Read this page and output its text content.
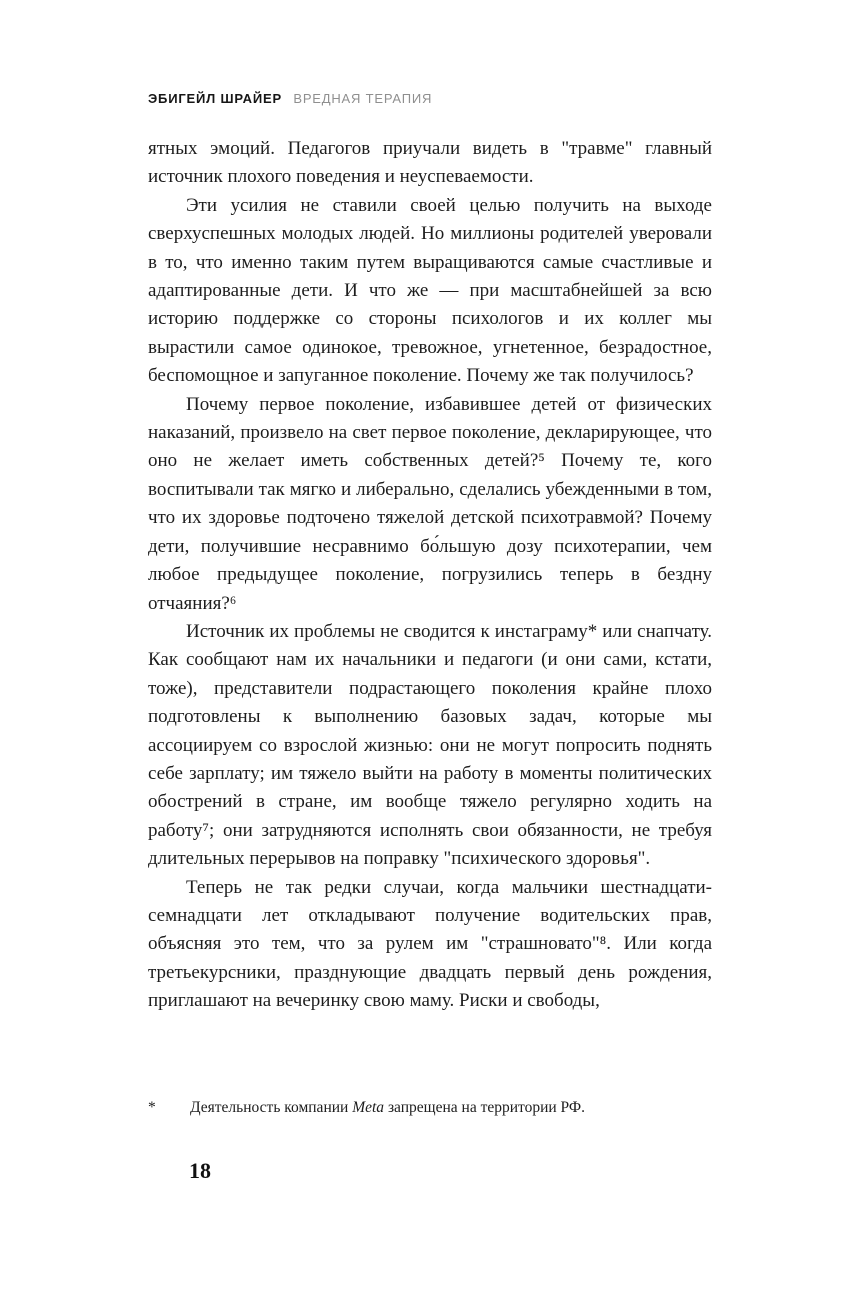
ЭБИГЕЙЛ ШРАЙЕР ВРЕДНАЯ ТЕРАПИЯ

ятных эмоций. Педагогов приучали видеть в "травме" главный источник плохого поведения и неуспеваемости.

Эти усилия не ставили своей целью получить на выходе сверхуспешных молодых людей. Но миллионы родителей уверовали в то, что именно таким путем выращиваются самые счастливые и адаптированные дети. И что же — при масштабнейшей за всю историю поддержке со стороны психологов и их коллег мы вырастили самое одинокое, тревожное, угнетенное, безрадостное, беспомощное и запуганное поколение. Почему же так получилось?

Почему первое поколение, избавившее детей от физических наказаний, произвело на свет первое поколение, декларирующее, что оно не желает иметь собственных детей?⁵ Почему те, кого воспитывали так мягко и либерально, сделались убежденными в том, что их здоровье подточено тяжелой детской психотравмой? Почему дети, получившие несравнимо бо́льшую дозу психотерапии, чем любое предыдущее поколение, погрузились теперь в бездну отчаяния?⁶

Источник их проблемы не сводится к инстаграму* или снапчату. Как сообщают нам их начальники и педагоги (и они сами, кстати, тоже), представители подрастающего поколения крайне плохо подготовлены к выполнению базовых задач, которые мы ассоциируем со взрослой жизнью: они не могут попросить поднять себе зарплату; им тяжело выйти на работу в моменты политических обострений в стране, им вообще тяжело регулярно ходить на работу⁷; они затрудняются исполнять свои обязанности, не требуя длительных перерывов на поправку "психического здоровья".

Теперь не так редки случаи, когда мальчики шестнадцати-семнадцати лет откладывают получение водительских прав, объясняя это тем, что за рулем им "страшновато"⁸. Или когда третьекурсники, празднующие двадцать первый день рождения, приглашают на вечеринку свою маму. Риски и свободы,

*	Деятельность компании Meta запрещена на территории РФ.
18
